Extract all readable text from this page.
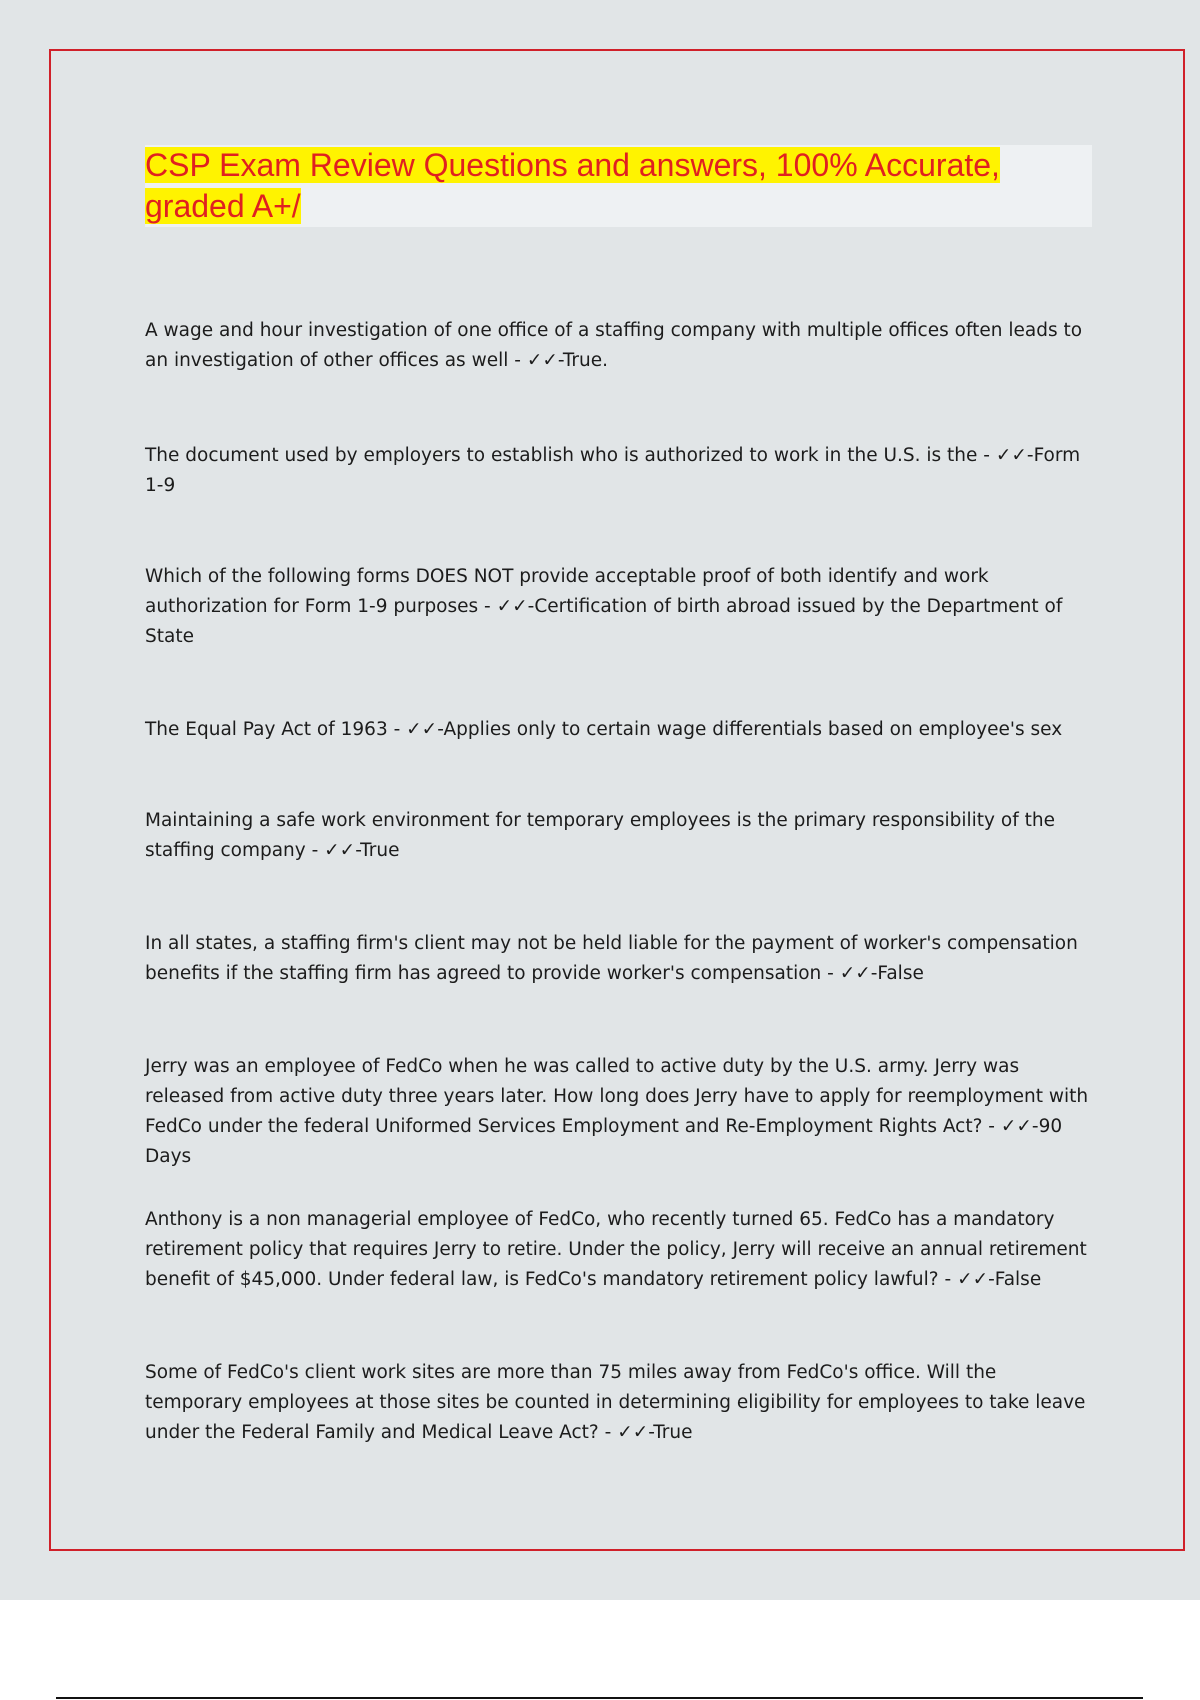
CSP Exam Review Questions and answers, 100% Accurate, graded A+/

A wage and hour investigation of one office of a staffing company with multiple offices often leads to an investigation of other offices as well - ✓✓-True.

The document used by employers to establish who is authorized to work in the U.S. is the - ✓✓-Form 1-9

Which of the following forms DOES NOT provide acceptable proof of both identify and work authorization for Form 1-9 purposes - ✓✓-Certification of birth abroad issued by the Department of State

The Equal Pay Act of 1963 - ✓✓-Applies only to certain wage differentials based on employee's sex

Maintaining a safe work environment for temporary employees is the primary responsibility of the staffing company - ✓✓-True

In all states, a staffing firm's client may not be held liable for the payment of worker's compensation benefits if the staffing firm has agreed to provide worker's compensation - ✓✓-False

Jerry was an employee of FedCo when he was called to active duty by the U.S. army. Jerry was released from active duty three years later. How long does Jerry have to apply for reemployment with FedCo under the federal Uniformed Services Employment and Re-Employment Rights Act? - ✓✓-90 Days

Anthony is a non managerial employee of FedCo, who recently turned 65. FedCo has a mandatory retirement policy that requires Jerry to retire. Under the policy, Jerry will receive an annual retirement benefit of $45,000. Under federal law, is FedCo's mandatory retirement policy lawful? - ✓✓-False

Some of FedCo's client work sites are more than 75 miles away from FedCo's office. Will the temporary employees at those sites be counted in determining eligibility for employees to take leave under the Federal Family and Medical Leave Act? - ✓✓-True
